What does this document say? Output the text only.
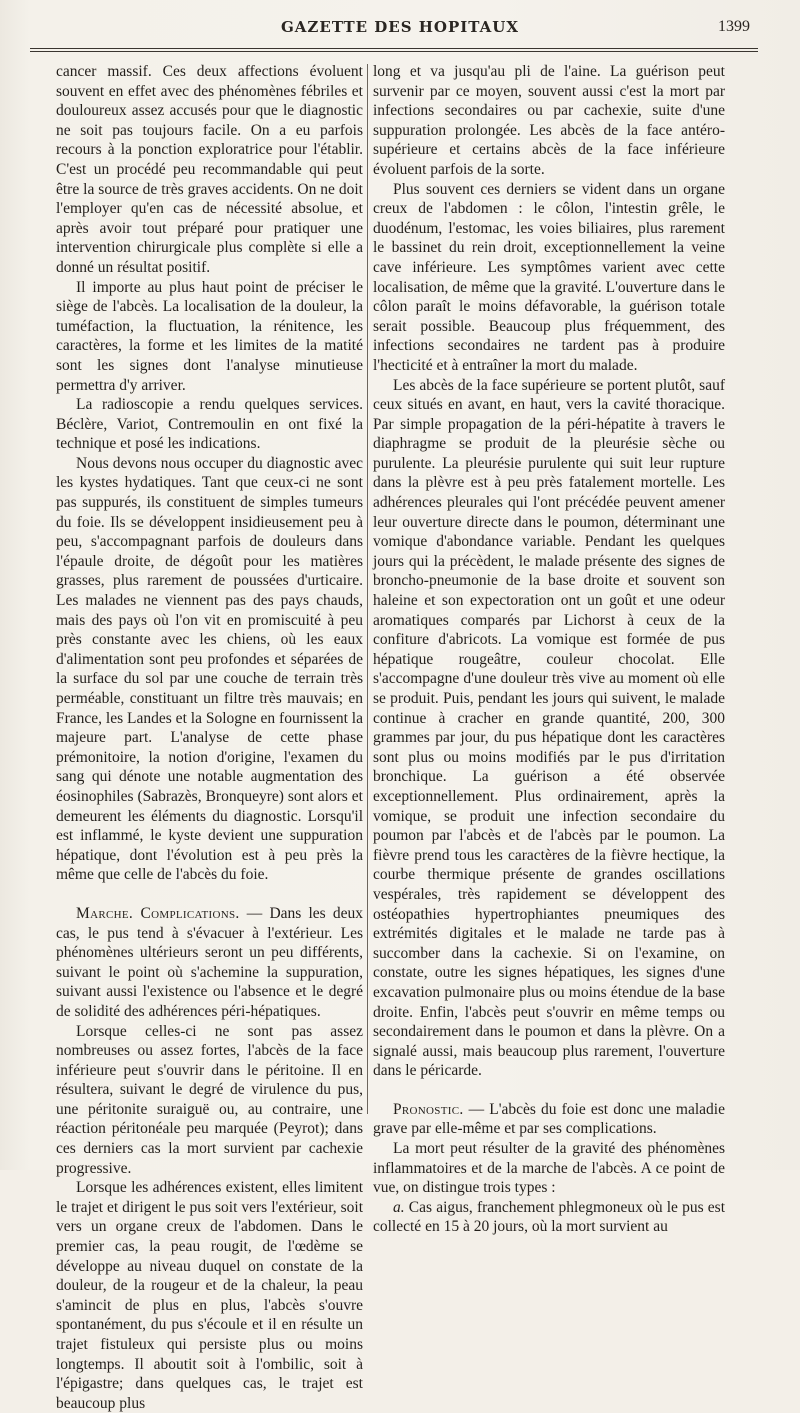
GAZETTE DES HOPITAUX	1399

cancer massif. Ces deux affections évoluent souvent en effet avec des phénomènes fébriles et douloureux assez accusés pour que le diagnostic ne soit pas toujours facile. On a eu parfois recours à la ponction exploratrice pour l'établir. C'est un procédé peu recommandable qui peut être la source de très graves accidents. On ne doit l'employer qu'en cas de nécessité absolue, et après avoir tout préparé pour pratiquer une intervention chirurgicale plus complète si elle a donné un résultat positif.

Il importe au plus haut point de préciser le siège de l'abcès. La localisation de la douleur, la tuméfaction, la fluctuation, la rénitence, les caractères, la forme et les limites de la matité sont les signes dont l'analyse minutieuse permettra d'y arriver.

La radioscopie a rendu quelques services. Béclère, Variot, Contremoulin en ont fixé la technique et posé les indications.

Nous devons nous occuper du diagnostic avec les kystes hydatiques. Tant que ceux-ci ne sont pas suppurés, ils constituent de simples tumeurs du foie. Ils se développent insidieusement peu à peu, s'accompagnant parfois de douleurs dans l'épaule droite, de dégoût pour les matières grasses, plus rarement de poussées d'urticaire. Les malades ne viennent pas des pays chauds, mais des pays où l'on vit en promiscuité à peu près constante avec les chiens, où les eaux d'alimentation sont peu profondes et séparées de la surface du sol par une couche de terrain très perméable, constituant un filtre très mauvais; en France, les Landes et la Sologne en fournissent la majeure part. L'analyse de cette phase prémonitoire, la notion d'origine, l'examen du sang qui dénote une notable augmentation des éosinophiles (Sabrazès, Bronqueyre) sont alors et demeurent les éléments du diagnostic. Lorsqu'il est inflammé, le kyste devient une suppuration hépatique, dont l'évolution est à peu près la même que celle de l'abcès du foie.

Marche. Complications. — Dans les deux cas, le pus tend à s'évacuer à l'extérieur. Les phénomènes ultérieurs seront un peu différents, suivant le point où s'achemine la suppuration, suivant aussi l'existence ou l'absence et le degré de solidité des adhérences péri-hépatiques.

Lorsque celles-ci ne sont pas assez nombreuses ou assez fortes, l'abcès de la face inférieure peut s'ouvrir dans le péritoine. Il en résultera, suivant le degré de virulence du pus, une péritonite suraiguë ou, au contraire, une réaction péritonéale peu marquée (Peyrot); dans ces derniers cas la mort survient par cachexie progressive.

Lorsque les adhérences existent, elles limitent le trajet et dirigent le pus soit vers l'extérieur, soit vers un organe creux de l'abdomen. Dans le premier cas, la peau rougit, de l'œdème se développe au niveau duquel on constate de la douleur, de la rougeur et de la chaleur, la peau s'amincit de plus en plus, l'abcès s'ouvre spontanément, du pus s'écoule et il en résulte un trajet fistuleux qui persiste plus ou moins longtemps. Il aboutit soit à l'ombilic, soit à l'épigastre; dans quelques cas, le trajet est beaucoup plus

long et va jusqu'au pli de l'aine. La guérison peut survenir par ce moyen, souvent aussi c'est la mort par infections secondaires ou par cachexie, suite d'une suppuration prolongée. Les abcès de la face antéro-supérieure et certains abcès de la face inférieure évoluent parfois de la sorte.

Plus souvent ces derniers se vident dans un organe creux de l'abdomen : le côlon, l'intestin grêle, le duodénum, l'estomac, les voies biliaires, plus rarement le bassinet du rein droit, exceptionnellement la veine cave inférieure. Les symptômes varient avec cette localisation, de même que la gravité. L'ouverture dans le côlon paraît le moins défavorable, la guérison totale serait possible. Beaucoup plus fréquemment, des infections secondaires ne tardent pas à produire l'hecticité et à entraîner la mort du malade.

Les abcès de la face supérieure se portent plutôt, sauf ceux situés en avant, en haut, vers la cavité thoracique. Par simple propagation de la péri-hépatite à travers le diaphragme se produit de la pleurésie sèche ou purulente. La pleurésie purulente qui suit leur rupture dans la plèvre est à peu près fatalement mortelle. Les adhérences pleurales qui l'ont précédée peuvent amener leur ouverture directe dans le poumon, déterminant une vomique d'abondance variable. Pendant les quelques jours qui la précèdent, le malade présente des signes de broncho-pneumonie de la base droite et souvent son haleine et son expectoration ont un goût et une odeur aromatiques comparés par Lichorst à ceux de la confiture d'abricots. La vomique est formée de pus hépatique rougeâtre, couleur chocolat. Elle s'accompagne d'une douleur très vive au moment où elle se produit. Puis, pendant les jours qui suivent, le malade continue à cracher en grande quantité, 200, 300 grammes par jour, du pus hépatique dont les caractères sont plus ou moins modifiés par le pus d'irritation bronchique. La guérison a été observée exceptionnellement. Plus ordinairement, après la vomique, se produit une infection secondaire du poumon par l'abcès et de l'abcès par le poumon. La fièvre prend tous les caractères de la fièvre hectique, la courbe thermique présente de grandes oscillations vespérales, très rapidement se développent des ostéopathies hypertrophiantes pneumiques des extrémités digitales et le malade ne tarde pas à succomber dans la cachexie. Si on l'examine, on constate, outre les signes hépatiques, les signes d'une excavation pulmonaire plus ou moins étendue de la base droite. Enfin, l'abcès peut s'ouvrir en même temps ou secondairement dans le poumon et dans la plèvre. On a signalé aussi, mais beaucoup plus rarement, l'ouverture dans le péricarde.

Pronostic. — L'abcès du foie est donc une maladie grave par elle-même et par ses complications.

La mort peut résulter de la gravité des phénomènes inflammatoires et de la marche de l'abcès. A ce point de vue, on distingue trois types :

a. Cas aigus, franchement phlegmoneux où le pus est collecté en 15 à 20 jours, où la mort survient au
